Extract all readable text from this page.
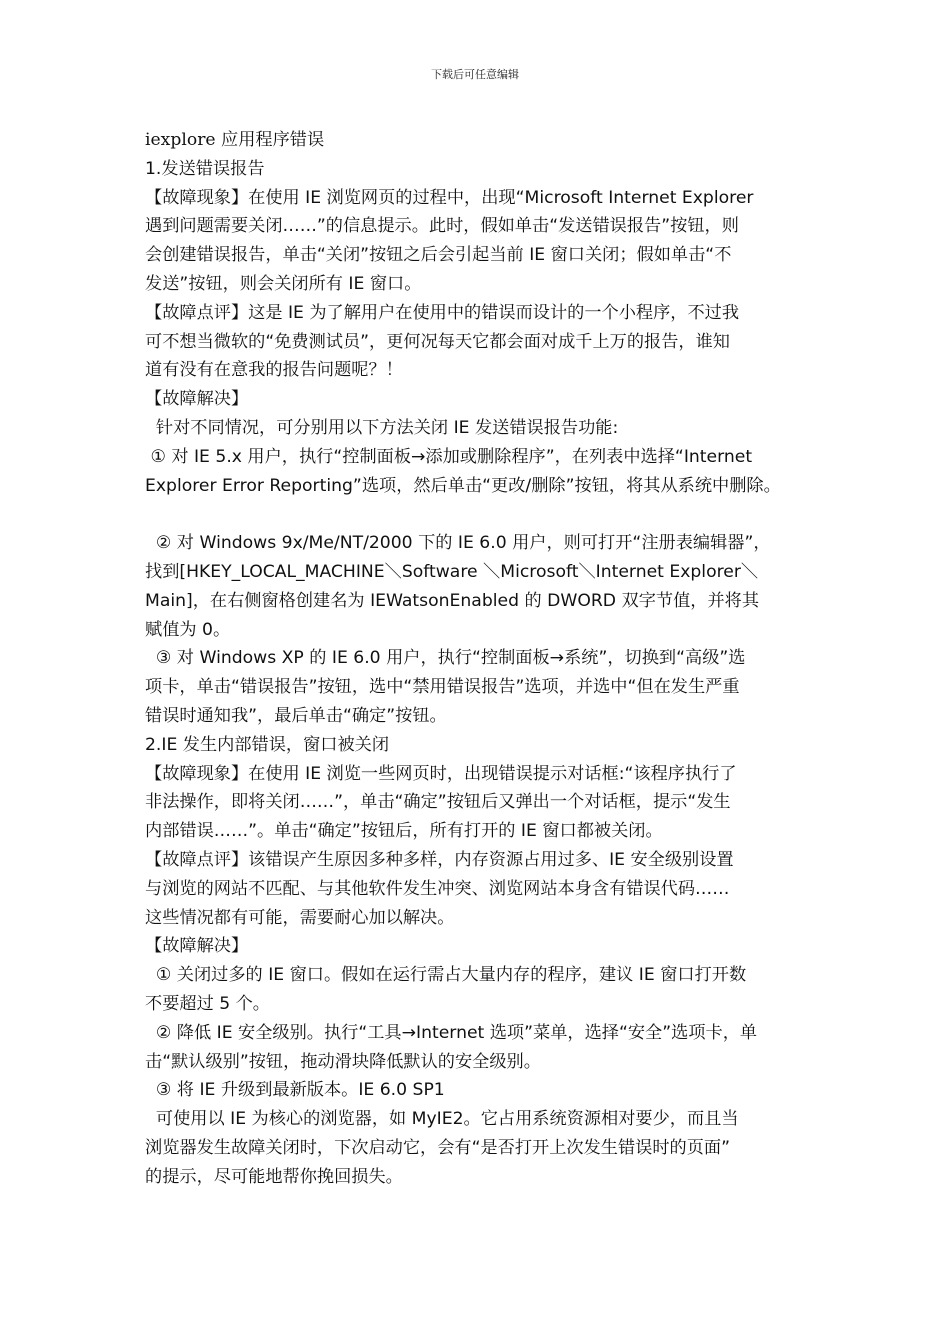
下载后可任意编辑
iexplore 应用程序错误
1.发送错误报告
【故障现象】在使用 IE 浏览网页的过程中，出现“Microsoft Internet Explorer
遇到问题需要关闭……”的信息提示。此时，假如单击“发送错误报告”按钮，则
会创建错误报告，单击“关闭”按钮之后会引起当前 IE 窗口关闭；假如单击“不
发送”按钮，则会关闭所有 IE 窗口。
【故障点评】这是 IE 为了解用户在使用中的错误而设计的一个小程序，不过我
可不想当微软的“免费测试员”，更何况每天它都会面对成千上万的报告，谁知
道有没有在意我的报告问题呢？！
【故障解决】
针对不同情况，可分别用以下方法关闭 IE 发送错误报告功能:
① 对 IE 5.x 用户，执行“控制面板→添加或删除程序”，在列表中选择“Internet
Explorer Error Reporting”选项，然后单击“更改/删除”按钮，将其从系统中删除。
② 对 Windows 9x/Me/NT/2000 下的 IE 6.0 用户，则可打开“注册表编辑器”，
找到[HKEY_LOCAL_MACHINE＼Software ＼Microsoft＼Internet Explorer＼
Main]，在右侧窗格创建名为 IEWatsonEnabled 的 DWORD 双字节值，并将其
赋值为 0。
③ 对 Windows XP 的 IE 6.0 用户，执行“控制面板→系统”，切换到“高级”选
项卡，单击“错误报告”按钮，选中“禁用错误报告”选项，并选中“但在发生严重
错误时通知我”，最后单击“确定”按钮。
2.IE 发生内部错误，窗口被关闭
【故障现象】在使用 IE 浏览一些网页时，出现错误提示对话框:“该程序执行了
非法操作，即将关闭……”，单击“确定”按钮后又弹出一个对话框，提示“发生
内部错误……”。单击“确定”按钮后，所有打开的 IE 窗口都被关闭。
【故障点评】该错误产生原因多种多样，内存资源占用过多、IE 安全级别设置
与浏览的网站不匹配、与其他软件发生冲突、浏览网站本身含有错误代码……
这些情况都有可能，需要耐心加以解决。
【故障解决】
① 关闭过多的 IE 窗口。假如在运行需占大量内存的程序，建议 IE 窗口打开数
不要超过 5 个。
② 降低 IE 安全级别。执行“工具→Internet 选项”菜单，选择“安全”选项卡，单
击“默认级别”按钮，拖动滑块降低默认的安全级别。
③ 将 IE 升级到最新版本。IE 6.0 SP1
可使用以 IE 为核心的浏览器，如 MyIE2。它占用系统资源相对要少，而且当
浏览器发生故障关闭时，下次启动它，会有“是否打开上次发生错误时的页面”
的提示，尽可能地帮你挽回损失。
